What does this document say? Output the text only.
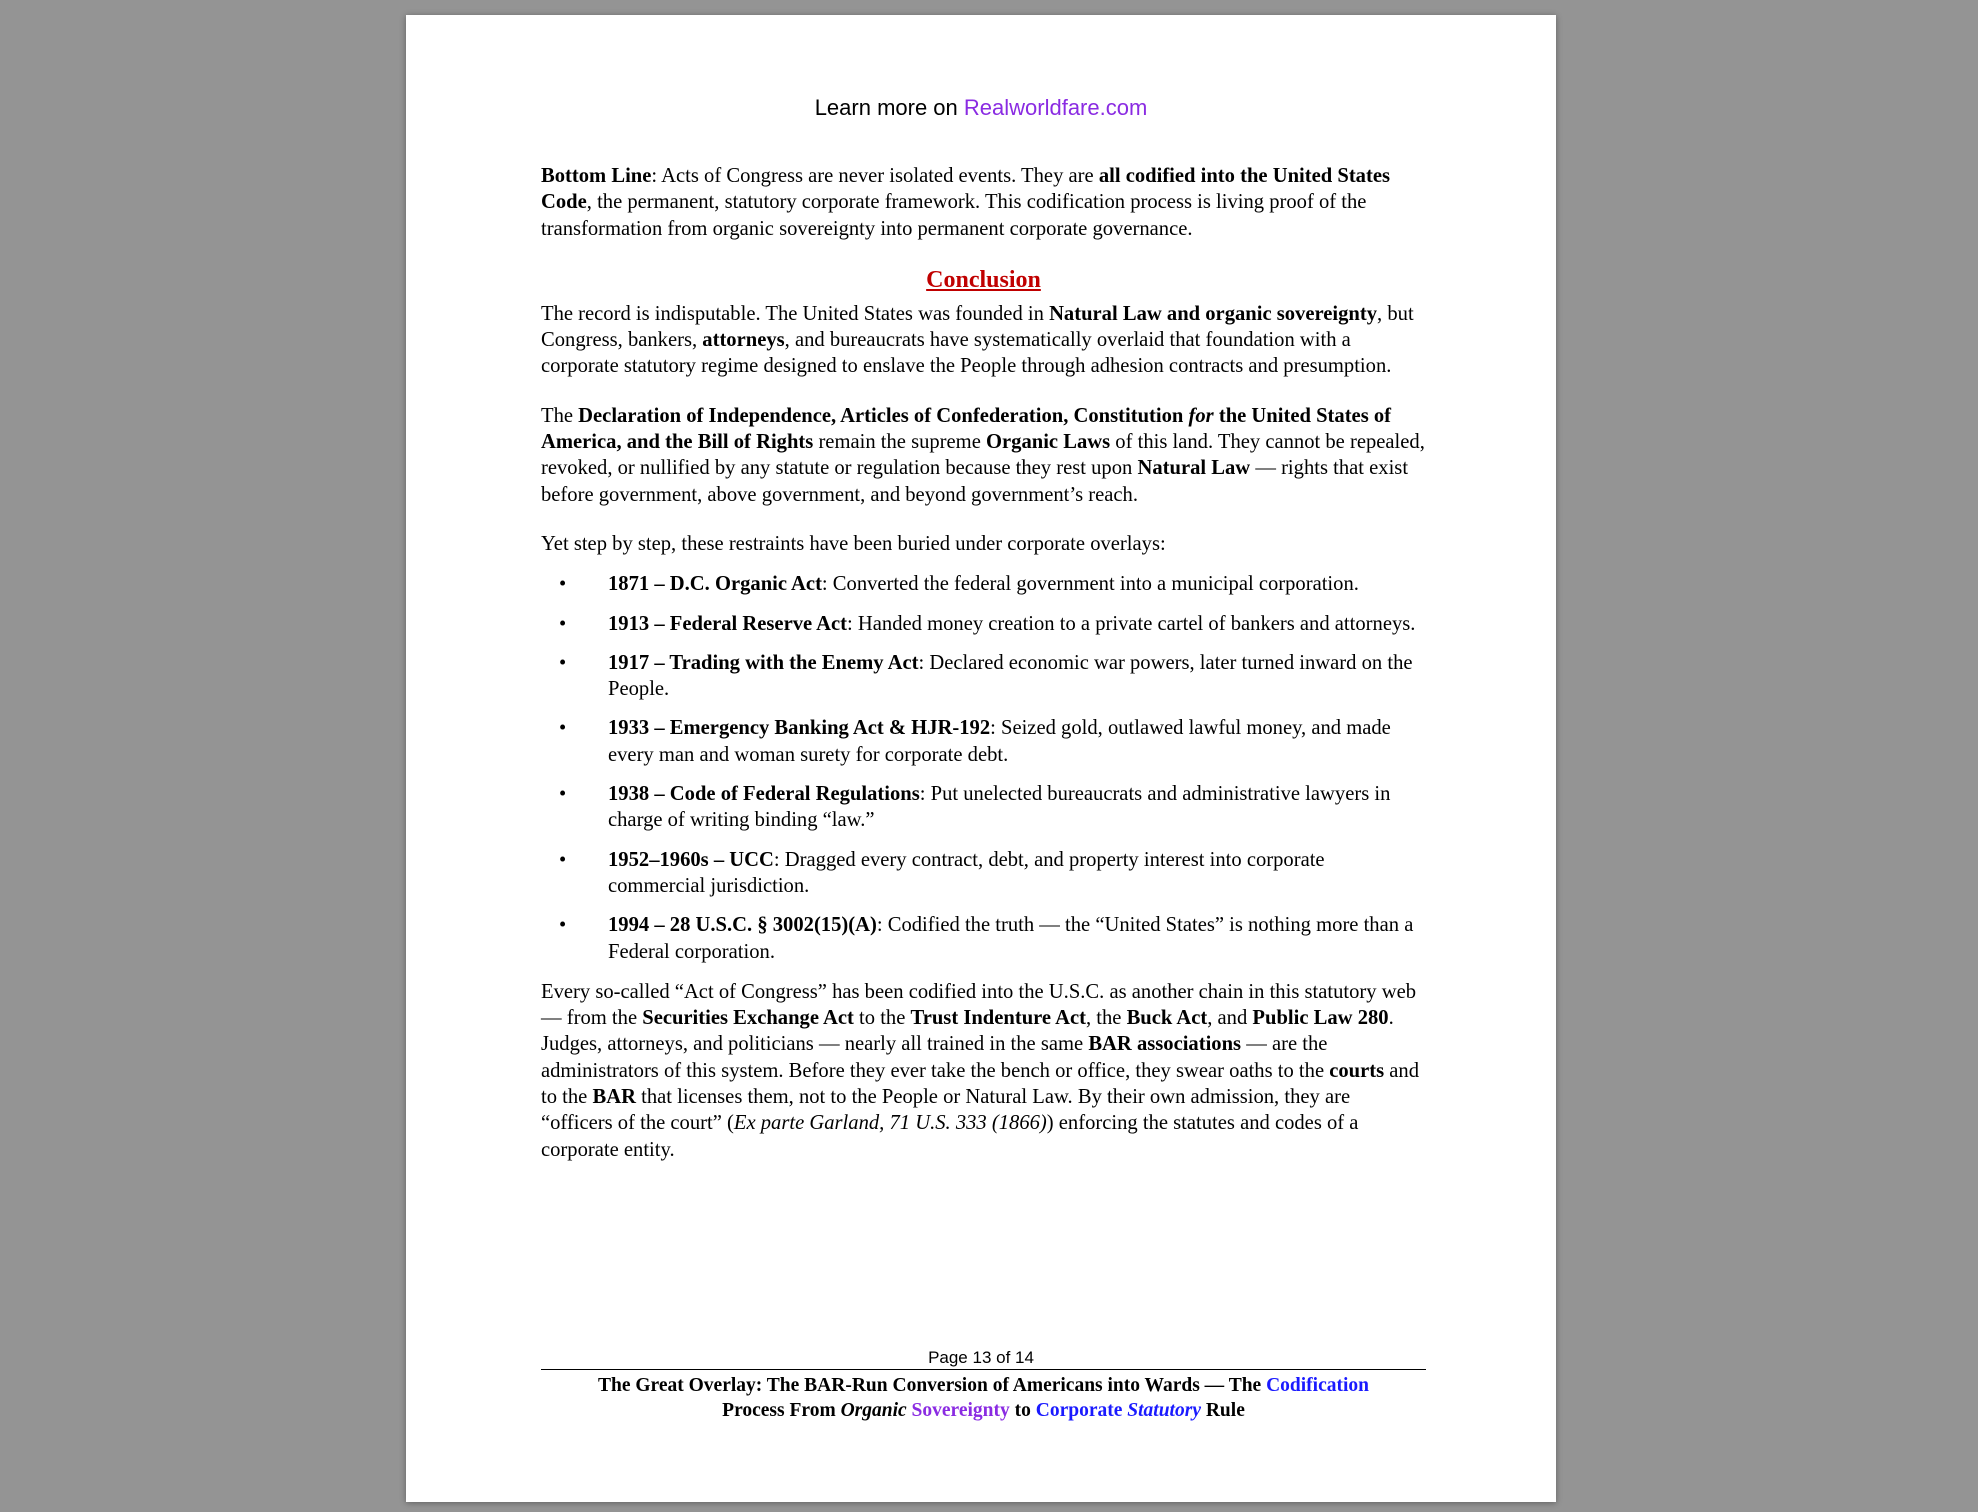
Learn more on Realworldfare.com

Bottom Line: Acts of Congress are never isolated events. They are all codified into the United States Code, the permanent, statutory corporate framework. This codification process is living proof of the transformation from organic sovereignty into permanent corporate governance.

Conclusion

The record is indisputable. The United States was founded in Natural Law and organic sovereignty, but Congress, bankers, attorneys, and bureaucrats have systematically overlaid that foundation with a corporate statutory regime designed to enslave the People through adhesion contracts and presumption.

The Declaration of Independence, Articles of Confederation, Constitution for the United States of America, and the Bill of Rights remain the supreme Organic Laws of this land. They cannot be repealed, revoked, or nullified by any statute or regulation because they rest upon Natural Law — rights that exist before government, above government, and beyond government’s reach.

Yet step by step, these restraints have been buried under corporate overlays:

• 1871 – D.C. Organic Act: Converted the federal government into a municipal corporation.
• 1913 – Federal Reserve Act: Handed money creation to a private cartel of bankers and attorneys.
• 1917 – Trading with the Enemy Act: Declared economic war powers, later turned inward on the People.
• 1933 – Emergency Banking Act & HJR-192: Seized gold, outlawed lawful money, and made every man and woman surety for corporate debt.
• 1938 – Code of Federal Regulations: Put unelected bureaucrats and administrative lawyers in charge of writing binding “law.”
• 1952–1960s – UCC: Dragged every contract, debt, and property interest into corporate commercial jurisdiction.
• 1994 – 28 U.S.C. § 3002(15)(A): Codified the truth — the “United States” is nothing more than a Federal corporation.

Every so-called “Act of Congress” has been codified into the U.S.C. as another chain in this statutory web — from the Securities Exchange Act to the Trust Indenture Act, the Buck Act, and Public Law 280. Judges, attorneys, and politicians — nearly all trained in the same BAR associations — are the administrators of this system. Before they ever take the bench or office, they swear oaths to the courts and to the BAR that licenses them, not to the People or Natural Law. By their own admission, they are “officers of the court” (Ex parte Garland, 71 U.S. 333 (1866)) enforcing the statutes and codes of a corporate entity.

Page 13 of 14
The Great Overlay: The BAR-Run Conversion of Americans into Wards — The Codification
Process From Organic Sovereignty to Corporate Statutory Rule
